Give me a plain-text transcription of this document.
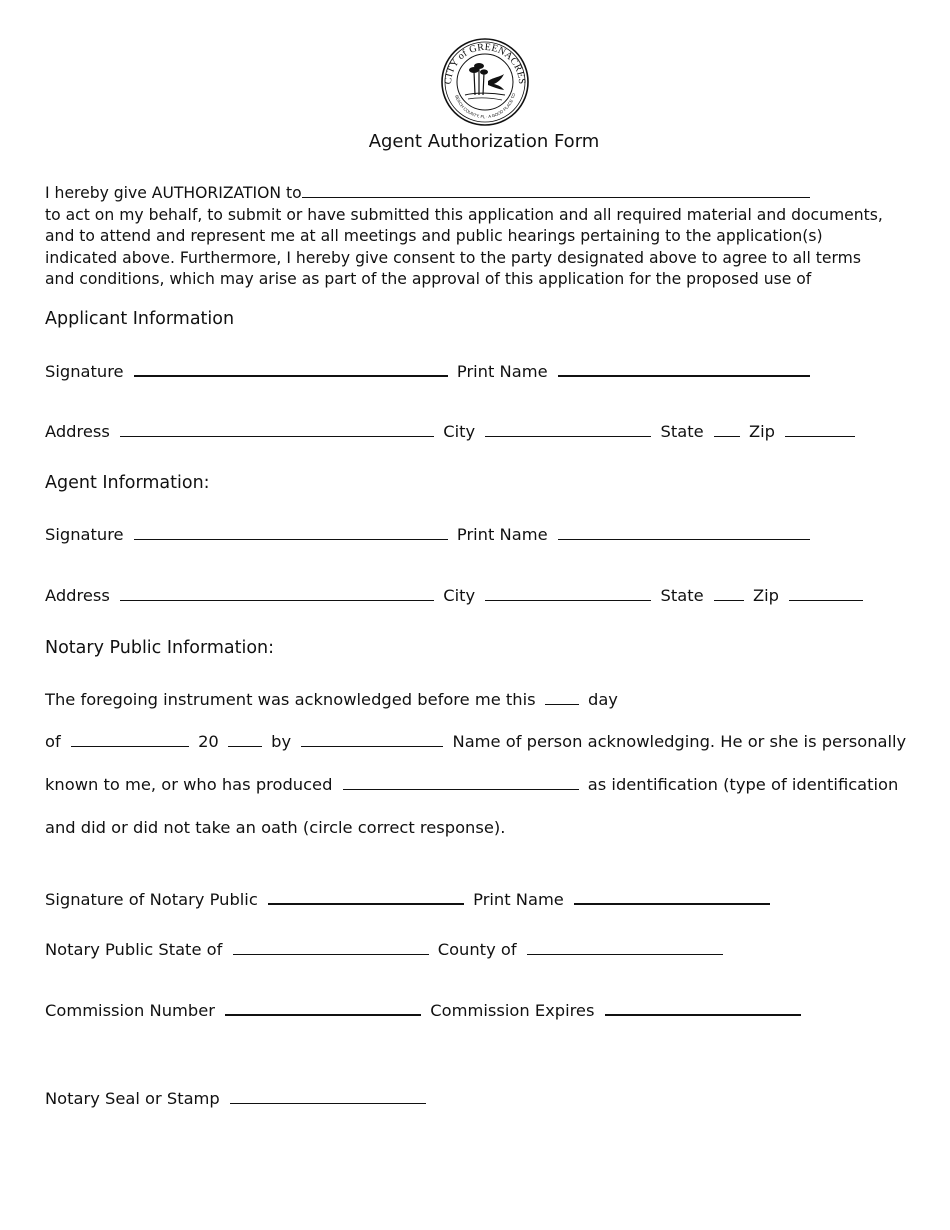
CITY of GREENACRES
BEACH COUNTY, FL · A GOOD PLACE TO
Agent Authorization Form
I hereby give AUTHORIZATION to
to act on my behalf, to submit or have submitted this application and all required material and documents,
and to attend and represent me at all meetings and public hearings pertaining to the application(s)
indicated above. Furthermore, I hereby give consent to the party designated above to agree to all terms
and conditions, which may arise as part of the approval of this application for the proposed use of
Applicant Information
Signature	Print Name
Address	City	State	Zip
Agent Information:
Signature	Print Name
Address	City	State	Zip
Notary Public Information:
The foregoing instrument was acknowledged before me this	day
of	20	by	Name of person acknowledging. He or she is personally
known to me, or who has produced	as identification (type of identification
and did or did not take an oath (circle correct response).
Signature of Notary Public	Print Name
Notary Public State of	County of
Commission Number	Commission Expires
Notary Seal or Stamp
